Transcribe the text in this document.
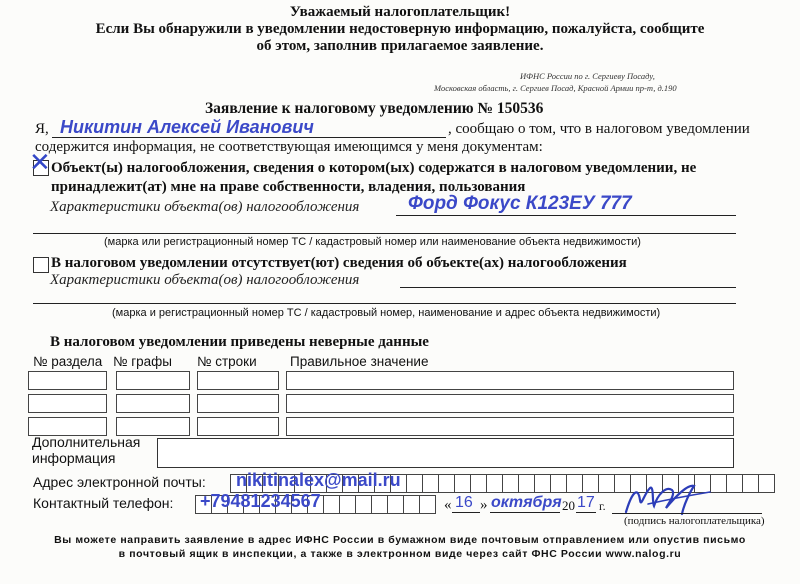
Уважаемый налогоплательщик!
Если Вы обнаружили в уведомлении недостоверную информацию, пожалуйста, сообщите
об этом, заполнив прилагаемое заявление.
ИФНС России по г. Сергиеву Посаду,
Московская область, г. Сергиев Посад, Красной Армии пр-т, д.190
Заявление к налоговому уведомлению № 150536
Я, Никитин Алексей Иванович	, сообщаю о том, что в налоговом уведомлении
содержится информация, не соответствующая имеющимся у меня документам:
✕ Объект(ы) налогообложения, сведения о котором(ых) содержатся в налоговом уведомлении, не
принадлежит(ат) мне на праве собственности, владения, пользования
Характеристики объекта(ов) налогообложения	Форд Фокус К123ЕУ 777
(марка или регистрационный номер ТС / кадастровый номер или наименование объекта недвижимости)
В налоговом уведомлении отсутствует(ют) сведения об объекте(ах) налогообложения
Характеристики объекта(ов) налогообложения
(марка и регистрационный номер ТС / кадастровый номер, наименование и адрес объекта недвижимости)
В налоговом уведомлении приведены неверные данные
№ раздела № графы № строки Правильное значение
Дополнительная
информация
Адрес электронной почты: nikitinalex@mail.ru
Контактный телефон: +79481234567	« 16 » октября 20 17 г.
(подпись налогоплательщика)
Вы можете направить заявление в адрес ИФНС России в бумажном виде почтовым отправлением или опустив письмо
в почтовый ящик в инспекции, а также в электронном виде через сайт ФНС России www.nalog.ru
